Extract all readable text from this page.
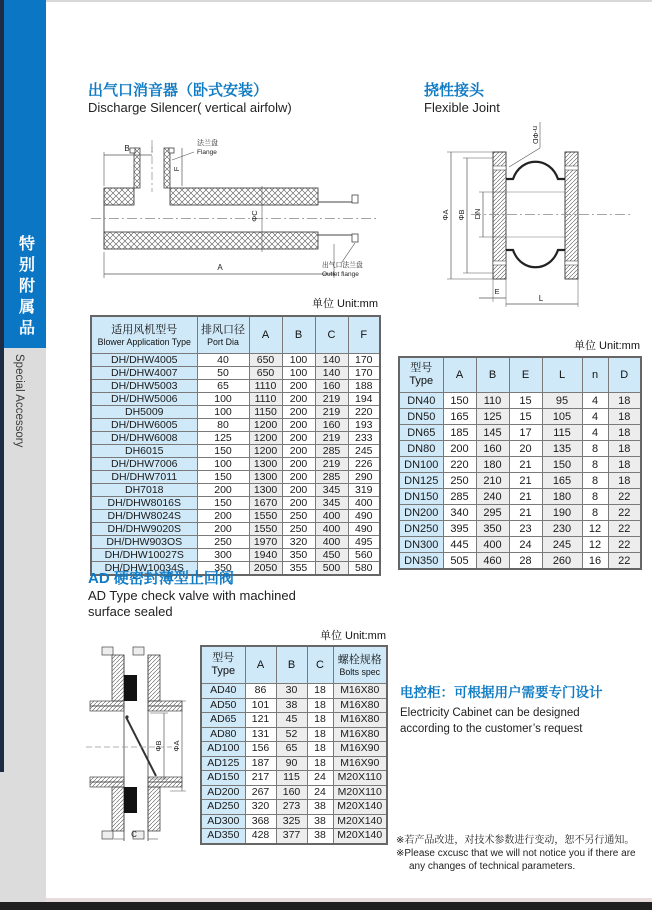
特别附属品
Special Accessory
出气口消音器（卧式安装）
Discharge Silencer( vertical airfolw)
挠性接头
Flexible Joint
B
F
法兰盘
Flange
ΦC
A	出气口法兰盘
Outlet flange
n-ΦD
ΦA ΦB DN
E
L
单位 Unit:mm
单位 Unit:mm
单位 Unit:mm
适用风机型号
Blower Application Type	排风口径
Port Dia	A	B	C	F
DH/DHW4005	40	650	100	140	170
DH/DHW4007	50	650	100	140	170
DH/DHW5003	65	1110	200	160	188
DH/DHW5006	100	1110	200	219	194
DH5009	100	1150	200	219	220
DH/DHW6005	80	1200	200	160	193
DH/DHW6008	125	1200	200	219	233
DH6015	150	1200	200	285	245
DH/DHW7006	100	1300	200	219	226
DH/DHW7011	150	1300	200	285	290
DH7018	200	1300	200	345	319
DH/DHW8016S	150	1670	200	345	400
DH/DHW8024S	200	1550	250	400	490
DH/DHW9020S	200	1550	250	400	490
DH/DHW903OS	250	1970	320	400	495
DH/DHW10027S	300	1940	350	450	560
DH/DHW10034S	350	2050	355	500	580
型号
Type	A	B	E	L	n	D
DN40	150	110	15	95	4	18
DN50	165	125	15	105	4	18
DN65	185	145	17	115	4	18
DN80	200	160	20	135	8	18
DN100	220	180	21	150	8	18
DN125	250	210	21	165	8	18
DN150	285	240	21	180	8	22
DN200	340	295	21	190	8	22
DN250	395	350	23	230	12	22
DN300	445	400	24	245	12	22
DN350	505	460	28	260	16	22
AD 硬密封薄型止回阀
AD Type check valve with machined
surface sealed
ΦB ΦA
C
型号
Type	A	B	C	螺栓规格
Bolts spec

AD40	86	30	18	M16X80
AD50	101	38	18	M16X80
AD65	121	45	18	M16X80
AD80	131	52	18	M16X80
AD100	156	65	18	M16X90
AD125	187	90	18	M16X90
AD150	217	115	24	M20X110
AD200	267	160	24	M20X110
AD250	320	273	38	M20X140
AD300	368	325	38	M20X140
AD350	428	377	38	M20X140
电控柜：可根据用户需要专门设计
Electricity Cabinet can be designed
according to the customer’s request
※若产品改进，对技术参数进行变动，恕不另行通知。
※Please cxcusc that we will not notice you if there are any changes of technical parameters.
